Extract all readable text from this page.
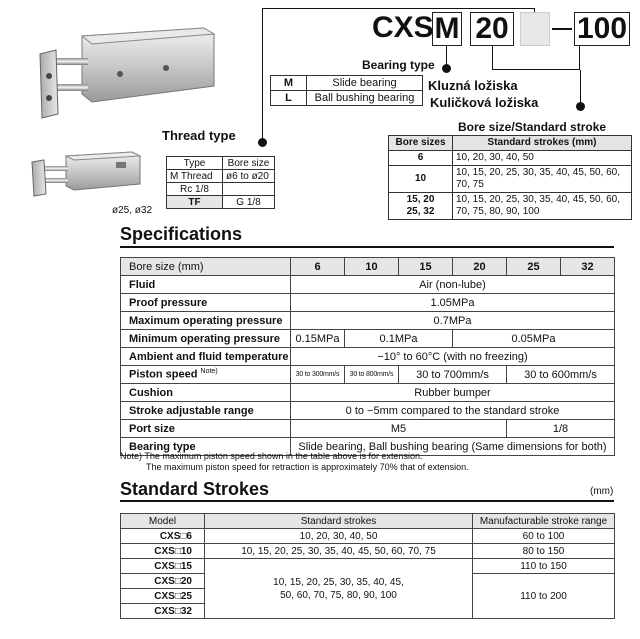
CXS M 20 100
Bearing type
M	Slide bearing
L	Ball bushing bearing
Kluzná ložiska
Kuličková ložiska
Thread type
Type	Bore size
M Thread	ø6 to ø20
Rc 1/8	
TF	G 1/8
ø25, ø32
Bore size/Standard stroke
Bore sizes	Standard strokes (mm)
6	10, 20, 30, 40, 50
10	10, 15, 20, 25, 30, 35, 40, 45, 50, 60, 70, 75
15, 20
25, 32	10, 15, 20, 25, 30, 35, 40, 45, 50, 60, 70, 75, 80, 90, 100
Specifications
Bore size (mm)	6	10	15	20	25	32
Fluid	Air (non-lube)					
Proof pressure	1.05MPa					
Maximum operating pressure	0.7MPa					
Minimum operating pressure	0.15MPa	0.1MPa		0.05MPa		
Ambient and fluid temperature	−10° to 60°C (with no freezing)					
Piston speed $^{Note)}$	30 to 300mm/s	30 to 800mm/s	30 to 700mm/s		30 to 600mm/s	
Cushion	Rubber bumper					
Stroke adjustable range	0 to −5mm compared to the standard stroke					
Port size	M5				1/8	
Bearing type	Slide bearing, Ball bushing bearing (Same dimensions for both)					
Note) The maximum piston speed shown in the table above is for extension.
The maximum piston speed for retraction is approximately 70% that of extension.
Standard Strokes	(mm)
Model	Standard strokes	Manufacturable stroke range
CXS□6	10, 20, 30, 40, 50	60 to 100
CXS□10	10, 15, 20, 25, 30, 35, 40, 45, 50, 60, 70, 75	80 to 150
CXS□15	10, 15, 20, 25, 30, 35, 40, 45,
50, 60, 70, 75, 80, 90, 100	110 to 150
CXS□20		110 to 200
CXS□25		
CXS□32		
